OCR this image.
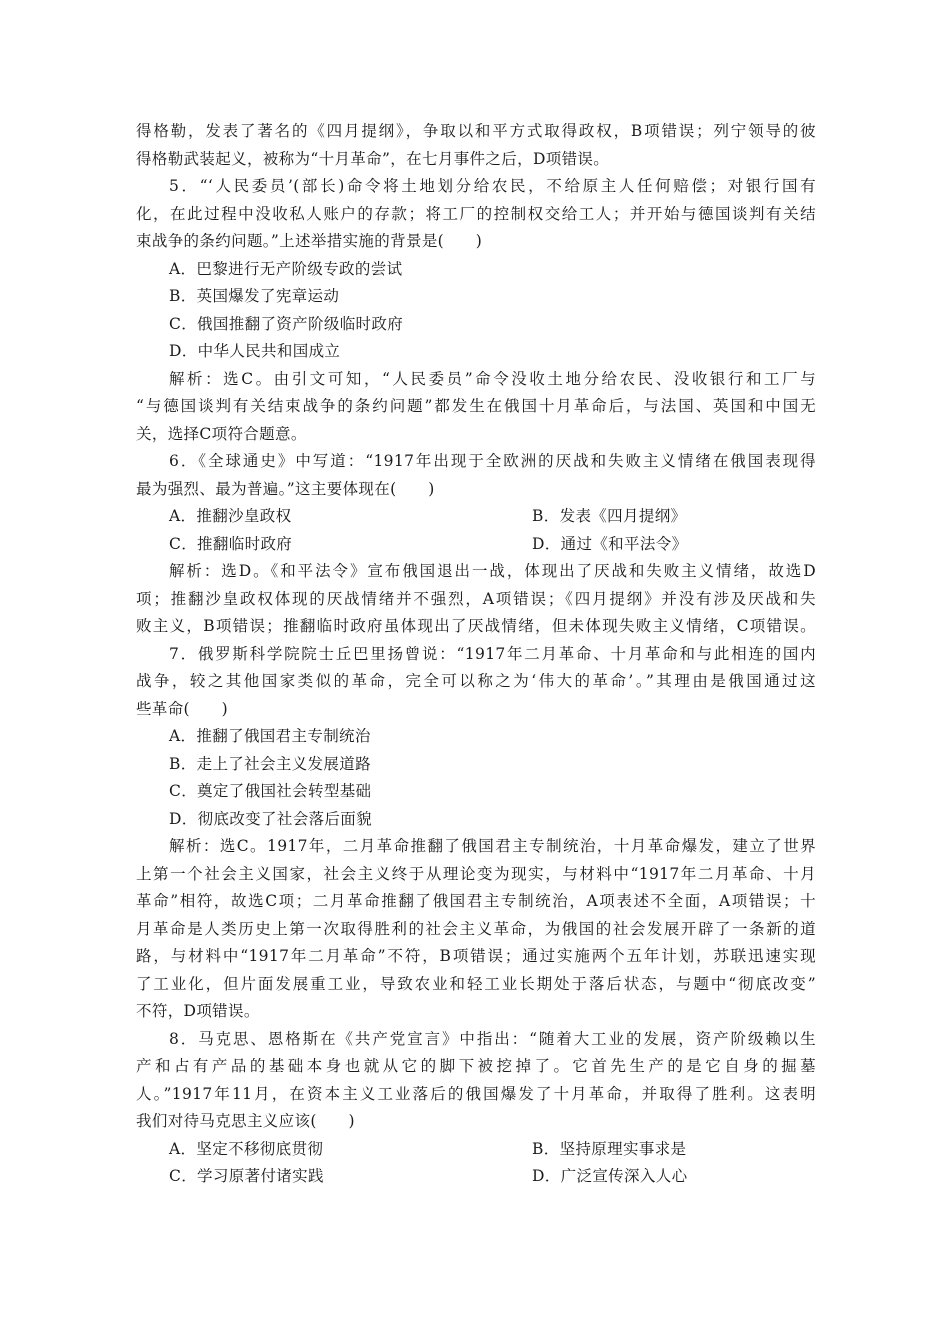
得格勒，发表了著名的《四月提纲》，争取以和平方式取得政权，B项错误；列宁领导的彼
得格勒武装起义，被称为“十月革命”，在七月事件之后，D项错误。
5．“‘人民委员’(部长)命令将土地划分给农民，不给原主人任何赔偿；对银行国有
化，在此过程中没收私人账户的存款；将工厂的控制权交给工人；并开始与德国谈判有关结
束战争的条约问题。”上述举措实施的背景是(　　)
A．巴黎进行无产阶级专政的尝试
B．英国爆发了宪章运动
C．俄国推翻了资产阶级临时政府
D．中华人民共和国成立
解析：选C。由引文可知，“人民委员”命令没收土地分给农民、没收银行和工厂与
“与德国谈判有关结束战争的条约问题”都发生在俄国十月革命后，与法国、英国和中国无
关，选择C项符合题意。
6．《全球通史》中写道：“1917年出现于全欧洲的厌战和失败主义情绪在俄国表现得
最为强烈、最为普遍。”这主要体现在(　　)
A．推翻沙皇政权	B．发表《四月提纲》
C．推翻临时政府	D．通过《和平法令》
解析：选D。《和平法令》宣布俄国退出一战，体现出了厌战和失败主义情绪，故选D
项；推翻沙皇政权体现的厌战情绪并不强烈，A项错误；《四月提纲》并没有涉及厌战和失
败主义，B项错误；推翻临时政府虽体现出了厌战情绪，但未体现失败主义情绪，C项错误。
7．俄罗斯科学院院士丘巴里扬曾说：“1917年二月革命、十月革命和与此相连的国内
战争，较之其他国家类似的革命，完全可以称之为‘伟大的革命’。”其理由是俄国通过这
些革命(　　)
A．推翻了俄国君主专制统治
B．走上了社会主义发展道路
C．奠定了俄国社会转型基础
D．彻底改变了社会落后面貌
解析：选C。1917年，二月革命推翻了俄国君主专制统治，十月革命爆发，建立了世界
上第一个社会主义国家，社会主义终于从理论变为现实，与材料中“1917年二月革命、十月
革命”相符，故选C项；二月革命推翻了俄国君主专制统治，A项表述不全面，A项错误；十
月革命是人类历史上第一次取得胜利的社会主义革命，为俄国的社会发展开辟了一条新的道
路，与材料中“1917年二月革命”不符，B项错误；通过实施两个五年计划，苏联迅速实现
了工业化，但片面发展重工业，导致农业和轻工业长期处于落后状态，与题中“彻底改变”
不符，D项错误。
8．马克思、恩格斯在《共产党宣言》中指出：“随着大工业的发展，资产阶级赖以生
产和占有产品的基础本身也就从它的脚下被挖掉了。它首先生产的是它自身的掘墓
人。”1917年11月，在资本主义工业落后的俄国爆发了十月革命，并取得了胜利。这表明
我们对待马克思主义应该(　　)
A．坚定不移彻底贯彻	B．坚持原理实事求是
C．学习原著付诸实践	D．广泛宣传深入人心
